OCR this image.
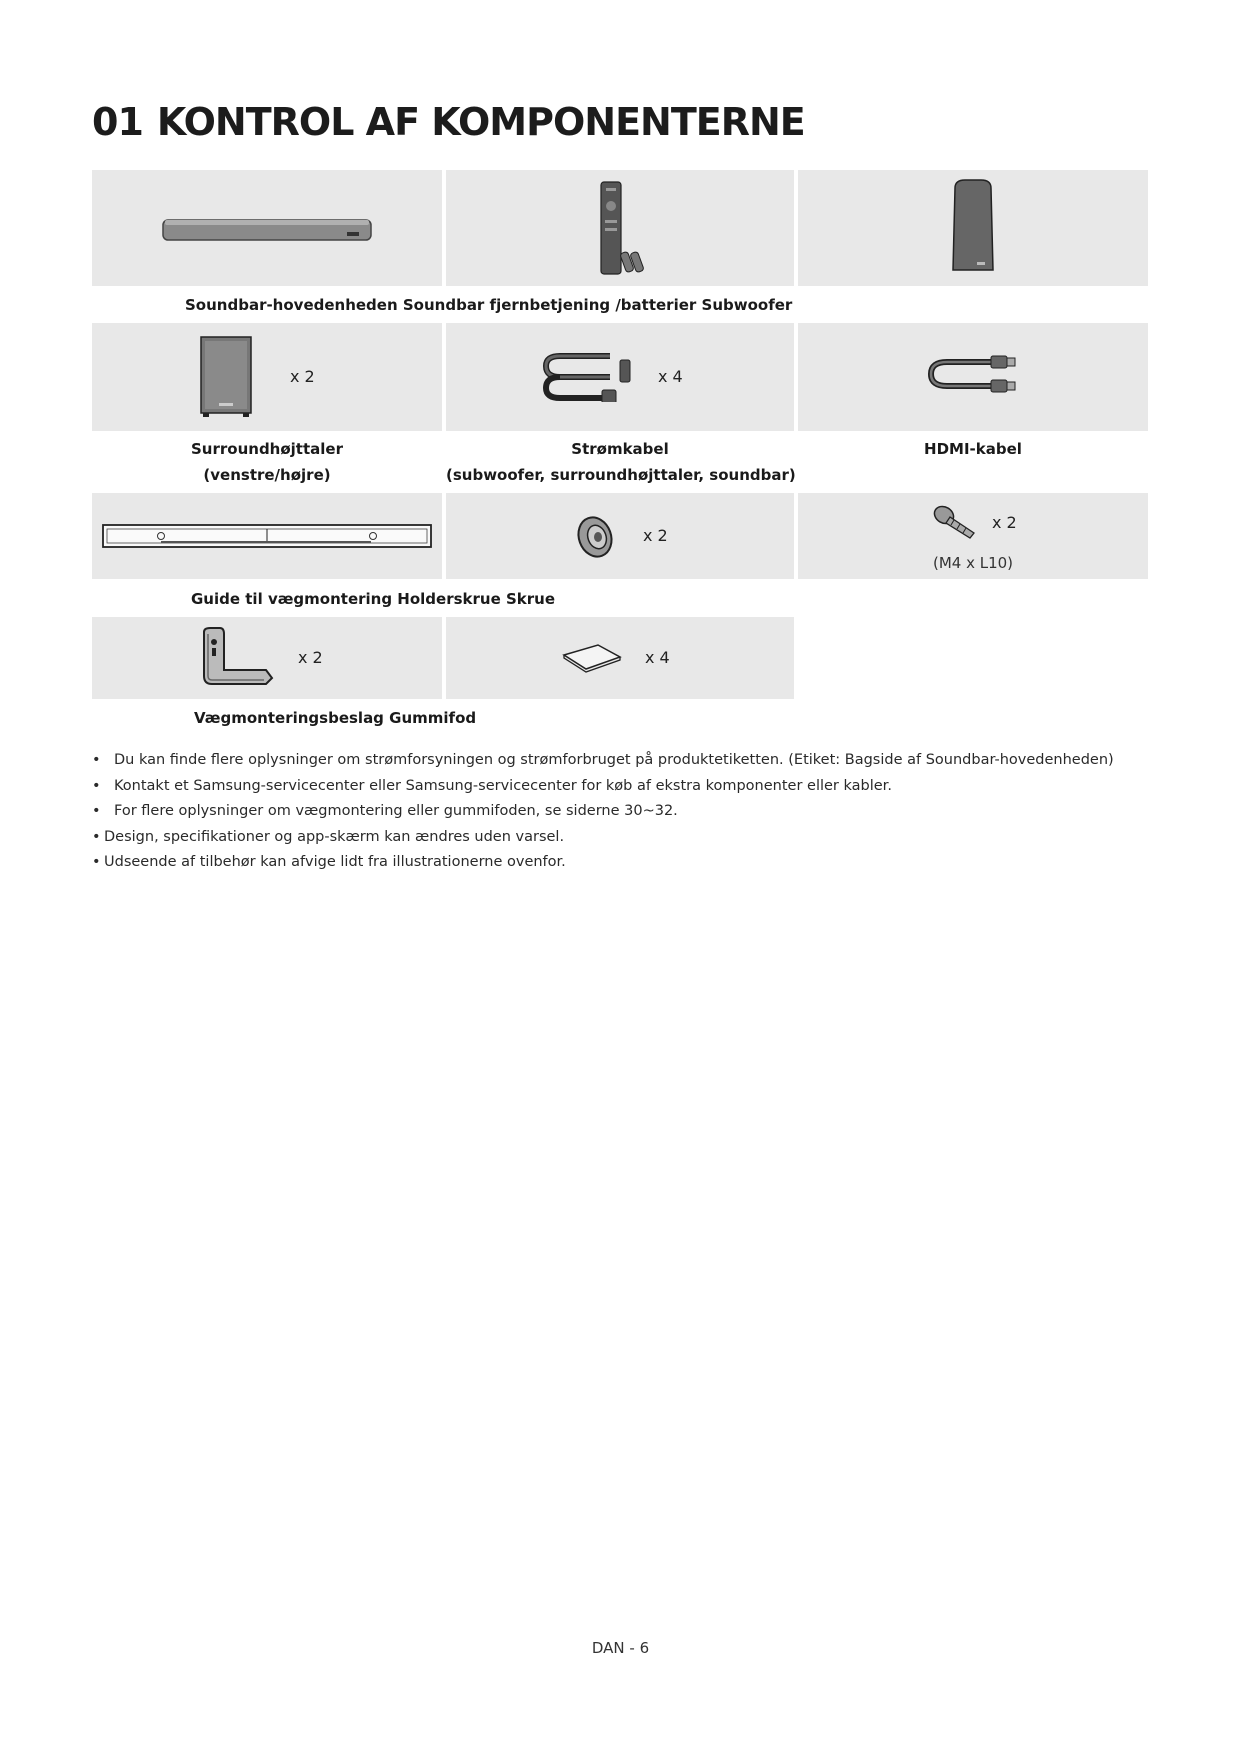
01 KONTROL AF KOMPONENTERNE
Soundbar-hovedenheden Soundbar fjernbetjening /batterier Subwoofer
x 2	x 4
Surroundhøjttaler
(venstre/højre)
Strømkabel
(subwoofer, surroundhøjttaler, soundbar)
HDMI-kabel
x 2
x 2
(M4 x L10)
Guide til vægmontering Holderskrue Skrue
x 2	x 4
Vægmonteringsbeslag Gummifod
• Du kan finde flere oplysninger om strømforsyningen og strømforbruget på produktetiketten. (Etiket: Bagside af Soundbar-hovedenheden)
• Kontakt et Samsung-servicecenter eller Samsung-servicecenter for køb af ekstra komponenter eller kabler.
• For flere oplysninger om vægmontering eller gummifoden, se siderne 30~32.
• Design, specifikationer og app-skærm kan ændres uden varsel.
• Udseende af tilbehør kan afvige lidt fra illustrationerne ovenfor.
DAN - 6
